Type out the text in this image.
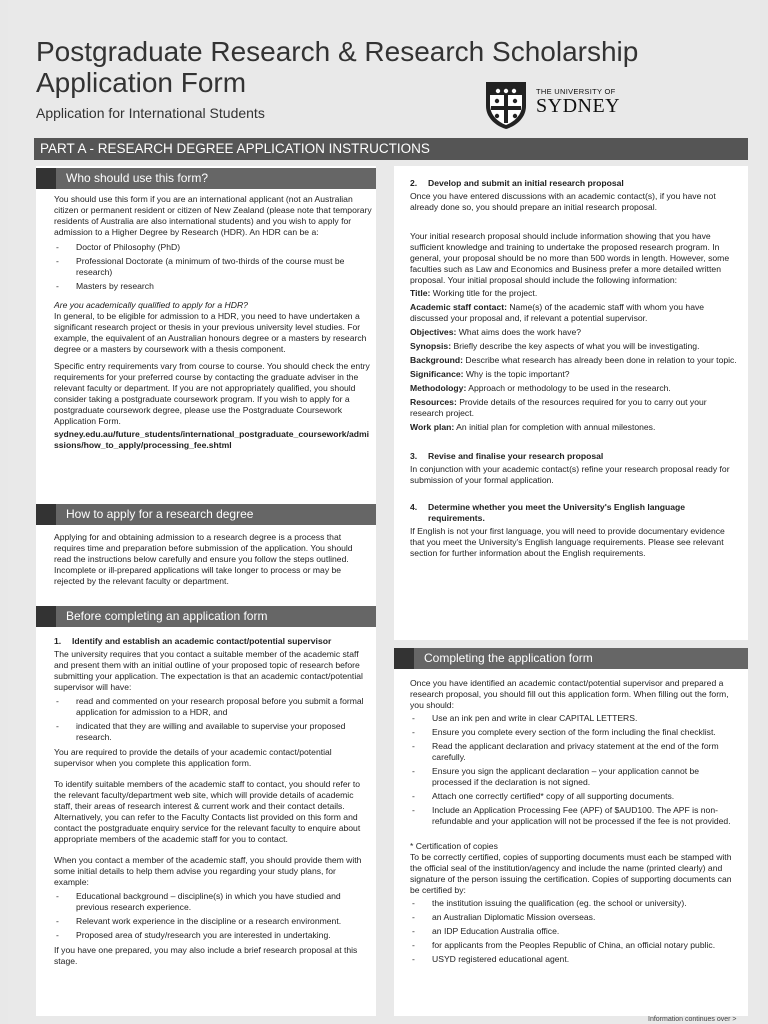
Postgraduate Research & Research Scholarship
Application Form
Application for International Students
THE UNIVERSITY OF
SYDNEY
PART A - RESEARCH DEGREE APPLICATION INSTRUCTIONS
Who should use this form?

You should use this form if you are an international applicant (not an Australian citizen or permanent resident or citizen of New Zealand (please note that temporary residents of Australia are also international students) and you wish to apply for admission to a Higher Degree by Research (HDR). An HDR can be a:

- Doctor of Philosophy (PhD)
- Professional Doctorate (a minimum of two-thirds of the course must be research)
- Masters by research

Are you academically qualified to apply for a HDR?

In general, to be eligible for admission to a HDR, you need to have undertaken a significant research project or thesis in your previous university level studies. For example, the equivalent of an Australian honours degree or a masters by research degree or a masters by coursework with a thesis component.

Specific entry requirements vary from course to course. You should check the entry requirements for your preferred course by contacting the graduate adviser in the relevant faculty or department. If you are not appropriately qualified, you should consider taking a postgraduate coursework program. If you wish to apply for a postgraduate coursework degree, please use the Postgraduate Coursework Application Form.

sydney.edu.au/future_students/international_postgraduate_coursework/admissions/how_to_apply/processing_fee.shtml

How to apply for a research degree

Applying for and obtaining admission to a research degree is a process that requires time and preparation before submission of the application. You should read the instructions below carefully and ensure you follow the steps outlined. Incomplete or ill-prepared applications will take longer to process or may be rejected by the relevant faculty or department.

Before completing an application form

1. Identify and establish an academic contact/potential supervisor

The university requires that you contact a suitable member of the academic staff and present them with an initial outline of your proposed topic of research before submitting your application. The expectation is that an academic contact/potential supervisor will have:

- read and commented on your research proposal before you submit a formal application for admission to a HDR, and
- indicated that they are willing and available to supervise your proposed research.

You are required to provide the details of your academic contact/potential supervisor when you complete this application form.

To identify suitable members of the academic staff to contact, you should refer to the relevant faculty/department web site, which will provide details of academic staff, their areas of research interest & current work and their contact details. Alternatively, you can refer to the Faculty Contacts list provided on this form and contact the postgraduate enquiry service for the relevant faculty to enquire about appropriate members of the academic staff for you to contact.

When you contact a member of the academic staff, you should provide them with some initial details to help them advise you regarding your study plans, for example:

- Educational background – discipline(s) in which you have studied and previous research experience.
- Relevant work experience in the discipline or a research environment.
- Proposed area of study/research you are interested in undertaking.

If you have one prepared, you may also include a brief research proposal at this stage.

2. Develop and submit an initial research proposal

Once you have entered discussions with an academic contact(s), if you have not already done so, you should prepare an initial research proposal.

Your initial research proposal should include information showing that you have sufficient knowledge and training to undertake the proposed research program. In general, your proposal should be no more than 500 words in length. However, some faculties such as Law and Economics and Business prefer a more detailed written proposal. Your initial proposal should include the following information:

Title: Working title for the project.
Academic staff contact: Name(s) of the academic staff with whom you have discussed your proposal and, if relevant a potential supervisor.
Objectives: What aims does the work have?
Synopsis: Briefly describe the key aspects of what you will be investigating.
Background: Describe what research has already been done in relation to your topic.
Significance: Why is the topic important?
Methodology: Approach or methodology to be used in the research.
Resources: Provide details of the resources required for you to carry out your research project.
Work plan: An initial plan for completion with annual milestones.

3. Revise and finalise your research proposal

In conjunction with your academic contact(s) refine your research proposal ready for submission of your formal application.

4. Determine whether you meet the University's English language requirements.

If English is not your first language, you will need to provide documentary evidence that you meet the University's English language requirements. Please see relevant section for further information about the English requirements.

Completing the application form

Once you have identified an academic contact/potential supervisor and prepared a research proposal, you should fill out this application form. When filling out the form, you should:

- Use an ink pen and write in clear CAPITAL LETTERS.
- Ensure you complete every section of the form including the final checklist.
- Read the applicant declaration and privacy statement at the end of the form carefully.
- Ensure you sign the applicant declaration – your application cannot be processed if the declaration is not signed.
- Attach one correctly certified* copy of all supporting documents.
- Include an Application Processing Fee (APF) of $AUD100. The APF is non-refundable and your application will not be processed if the fee is not provided.

* Certification of copies

To be correctly certified, copies of supporting documents must each be stamped with the official seal of the institution/agency and include the name (printed clearly) and signature of the person issuing the certification. Copies of supporting documents can be certified by:

- the institution issuing the qualification (eg. the school or university).
- an Australian Diplomatic Mission overseas.
- an IDP Education Australia office.
- for applicants from the Peoples Republic of China, an official notary public.
- USYD registered educational agent.
Information continues over >
